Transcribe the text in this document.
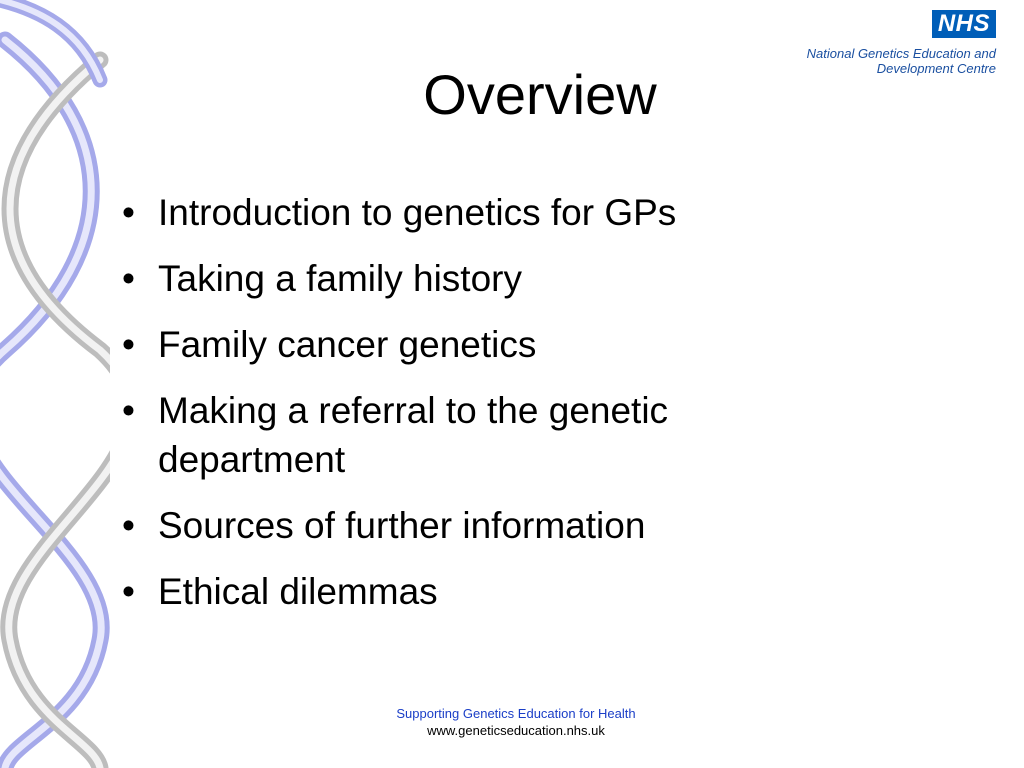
NHS
National Genetics Education and
Development Centre
Overview
• Introduction to genetics for GPs
• Taking a family history
• Family cancer genetics
• Making a referral to the genetic department
• Sources of further information
• Ethical dilemmas
Supporting Genetics Education for Health
www.geneticseducation.nhs.uk
